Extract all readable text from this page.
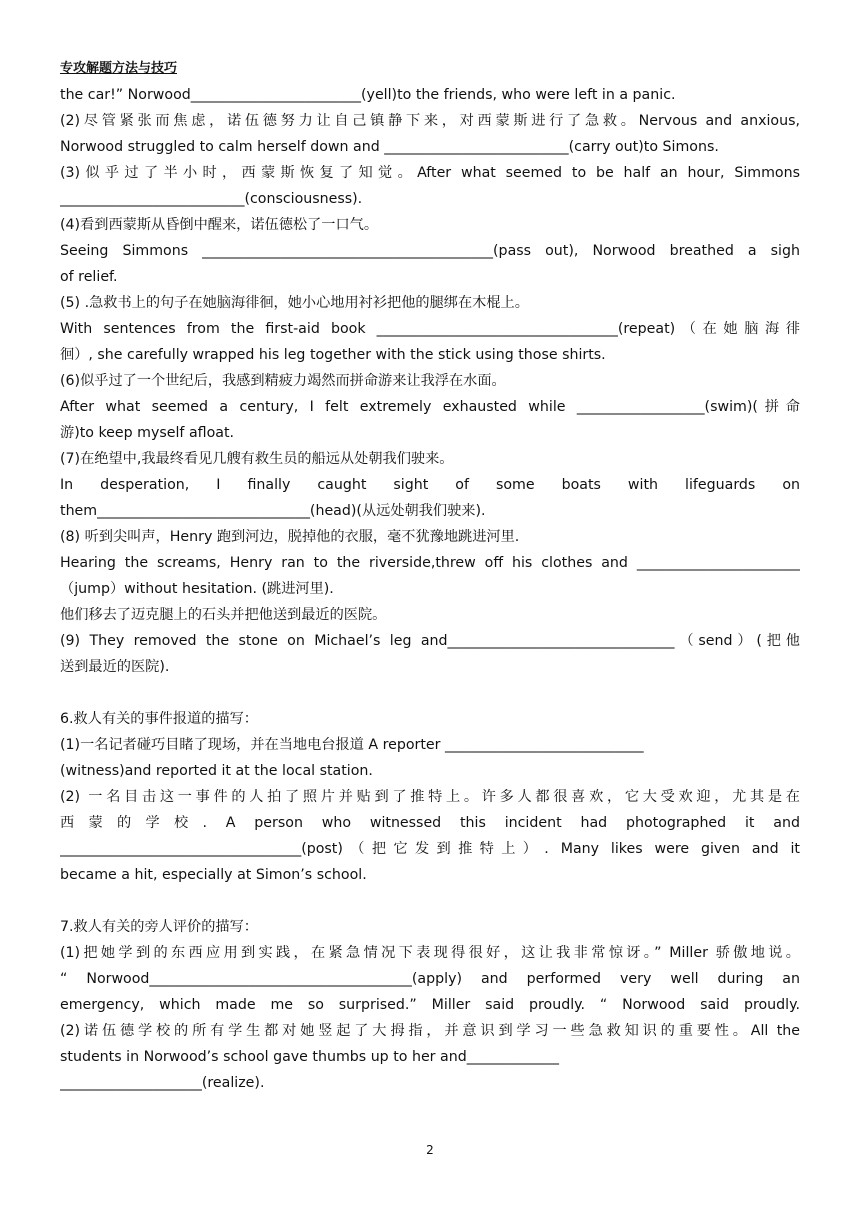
专攻解题方法与技巧
the car!” Norwood________________________(yell)to the friends, who were left in a panic.
(2)尽管紧张而焦虑，诺伍德努力让自己镇静下来，对西蒙斯进行了急救。Nervous and anxious,
Norwood struggled to calm herself down and __________________________(carry out)to Simons.
(3)似乎过了半小时，西蒙斯恢复了知觉。After what seemed to be half an hour, Simmons
__________________________(consciousness).
(4)看到西蒙斯从昏倒中醒来，诺伍德松了一口气。
Seeing Simmons _________________________________________(pass out), Norwood breathed a sigh
of relief.
(5) .急救书上的句子在她脑海徘徊，她小心地用衬衫把他的腿绑在木棍上。
With sentences from the first-aid book __________________________________(repeat)（在她脑海徘
徊）, she carefully wrapped his leg together with the stick using those shirts.
(6)似乎过了一个世纪后，我感到精疲力竭然而拼命游来让我浮在水面。
After what seemed a century, I felt extremely exhausted while __________________(swim)(拼命
游)to keep myself afloat.
(7)在绝望中,我最终看见几艘有救生员的船远从处朝我们驶来。
In desperation, I finally caught sight of some boats with lifeguards on
them______________________________(head)(从远处朝我们驶来).
(8) 听到尖叫声，Henry 跑到河边，脱掉他的衣服，毫不犹豫地跳进河里.
Hearing the screams, Henry ran to the riverside,threw off his clothes and _______________________
（jump）without hesitation. (跳进河里).
他们移去了迈克腿上的石头并把他送到最近的医院。
(9) They removed the stone on Michael’s leg and________________________________（send）(把他
送到最近的医院).
6.救人有关的事件报道的描写：
(1)一名记者碰巧目睹了现场，并在当地电台报道 A reporter ____________________________
(witness)and reported it at the local station.
(2) 一名目击这一事件的人拍了照片并贴到了推特上。许多人都很喜欢，它大受欢迎，尤其是在
西蒙的学校. A person who witnessed this incident had photographed it and
__________________________________(post)（把它发到推特上）. Many likes were given and it
became a hit, especially at Simon’s school.
7.救人有关的旁人评价的描写：
(1)把她学到的东西应用到实践，在紧急情况下表现得很好，这让我非常惊讶。” Miller 骄傲地说。
“ Norwood_____________________________________(apply) and performed very well during an
emergency, which made me so surprised.” Miller said proudly. “ Norwood said proudly.
(2)诺伍德学校的所有学生都对她竖起了大拇指，并意识到学习一些急救知识的重要性。All the
students in Norwood’s school gave thumbs up to her and_____________
____________________(realize).
2
